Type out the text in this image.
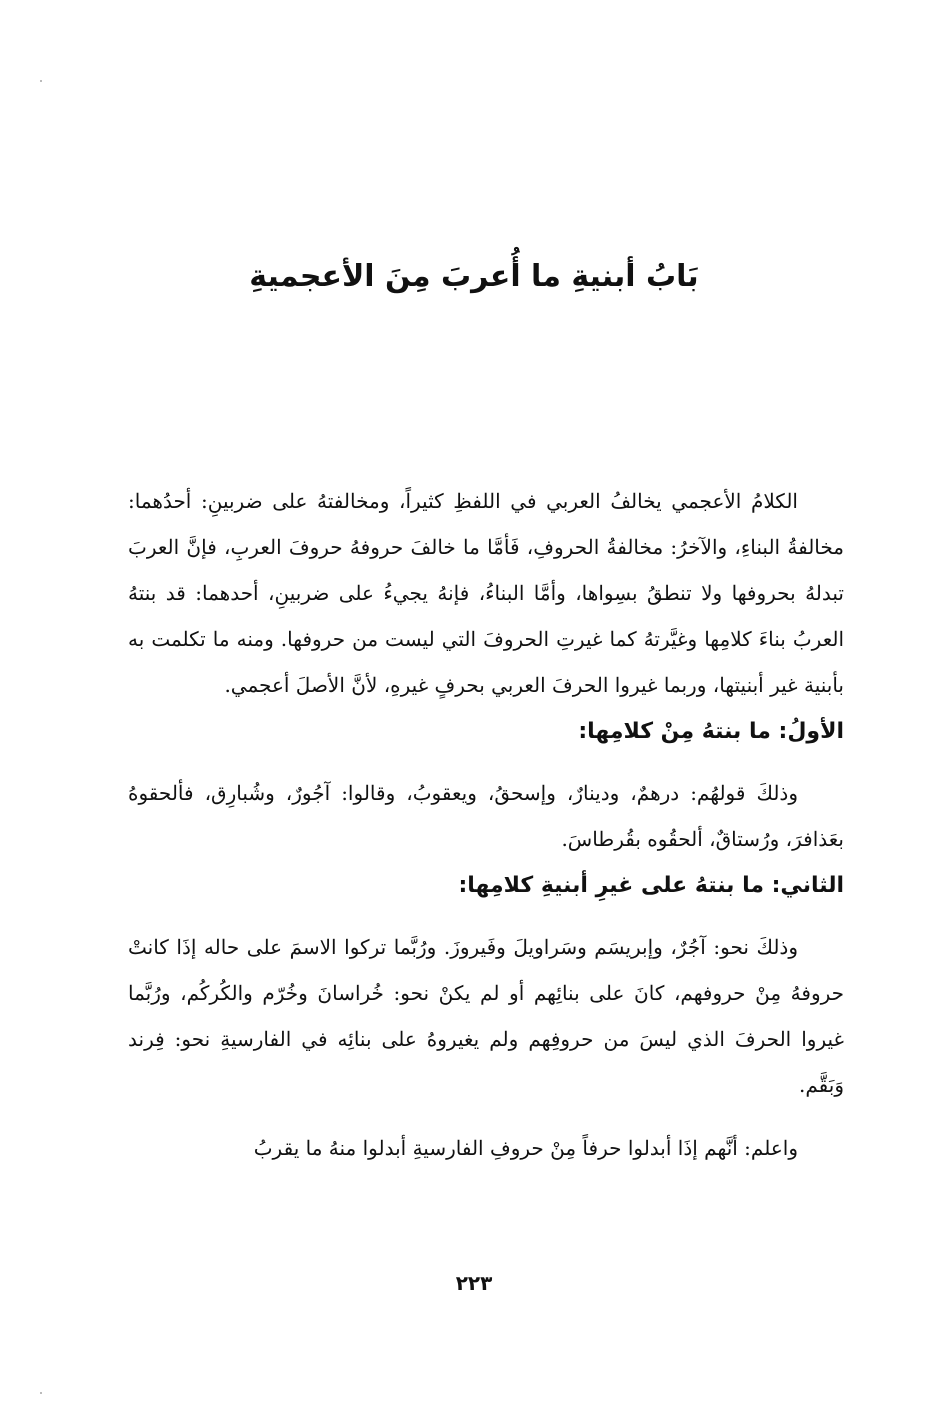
بَابُ أبنيةِ ما أُعربَ مِنَ الأعجميةِ

الكلامُ الأعجمي يخالفُ العربي في اللفظِ كثيراً، ومخالفتهُ على ضربينِ: أحدُهما: مخالفةُ البناءِ، والآخرُ: مخالفةُ الحروفِ، فَأمَّا ما خالفَ حروفهُ حروفَ العربِ، فإنَّ العربَ تبدلهُ بحروفها ولا تنطقُ بسِواها، وأمَّا البناءُ، فإنهُ يجيءُ على ضربينِ، أحدهما: قد بنتهُ العربُ بناءَ كلامِها وغيَّرتهُ كما غيرتِ الحروفَ التي ليست من حروفها. ومنه ما تكلمت به بأبنية غير أبنيتها، وربما غيروا الحرفَ العربي بحرفٍ غيرهِ، لأنَّ الأصلَ أعجمي.

الأولُ: ما بنتهُ مِنْ كلامِها:

وذلكَ قولهُم: درهمٌ، ودينارٌ، وإسحقُ، ويعقوبُ، وقالوا: آجُورٌ، وشُبارِق، فألحقوهُ بعَذافرَ، ورُستاقٌ، ألحقُوه بقُرطاسَ.

الثاني: ما بنتهُ على غيرِ أبنيةِ كلامِها:

وذلكَ نحو: آجُرٌ، وإبريسَم وسَراويلَ وفَيروزَ. ورُبَّما تركوا الاسمَ على حاله إذَا كانتْ حروفهُ مِنْ حروفهم، كانَ على بنائِهم أو لم يكنْ نحو: خُراسانَ وخُرّم والكُركُم، ورُبَّما غيروا الحرفَ الذي ليسَ من حروفِهم ولم يغيروهُ على بنائِه في الفارسيةِ نحو: فِرند وَبَقَّم.

واعلم: أنَّهم إذَا أبدلوا حرفاً مِنْ حروفِ الفارسيةِ أبدلوا منهُ ما يقربُ

٢٢٣
